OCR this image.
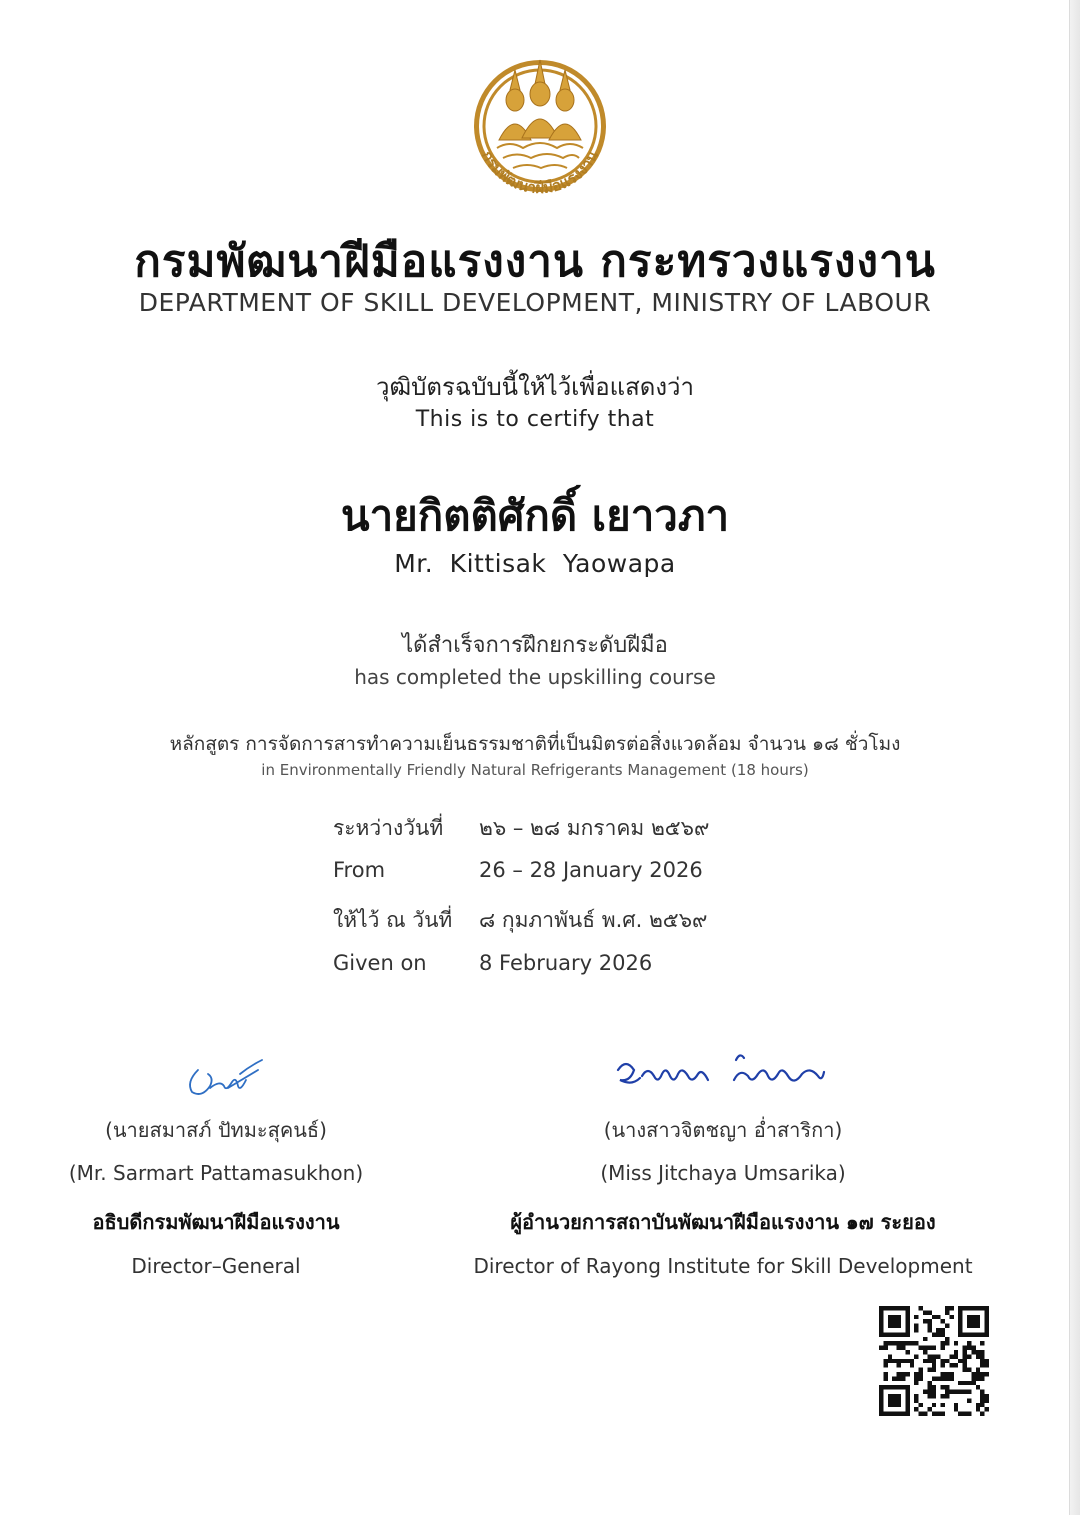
กรมพัฒนาฝีมือแรงงาน
กรมพัฒนาฝีมือแรงงาน กระทรวงแรงงาน
DEPARTMENT OF SKILL DEVELOPMENT, MINISTRY OF LABOUR
วุฒิบัตรฉบับนี้ให้ไว้เพื่อแสดงว่า
This is to certify that
นายกิตติศักดิ์ เยาวภา
Mr. Kittisak Yaowapa
ได้สำเร็จการฝึกยกระดับฝีมือ
has completed the upskilling course
หลักสูตร การจัดการสารทำความเย็นธรรมชาติที่เป็นมิตรต่อสิ่งแวดล้อม จำนวน ๑๘ ชั่วโมง
in Environmentally Friendly Natural Refrigerants Management (18 hours)
ระหว่างวันที่ ๒๖ – ๒๘ มกราคม ๒๕๖๙
From	26 – 28 January 2026
ให้ไว้ ณ วันที่ ๘ กุมภาพันธ์ พ.ศ. ๒๕๖๙
Given on 8 February 2026
(นายสมาสภ์ ปัทมะสุคนธ์)
(Mr. Sarmart Pattamasukhon)
อธิบดีกรมพัฒนาฝีมือแรงงาน
Director–General
(นางสาวจิตชญา อ่ำสาริกา)
(Miss Jitchaya Umsarika)
ผู้อำนวยการสถาบันพัฒนาฝีมือแรงงาน ๑๗ ระยอง
Director of Rayong Institute for Skill Development
